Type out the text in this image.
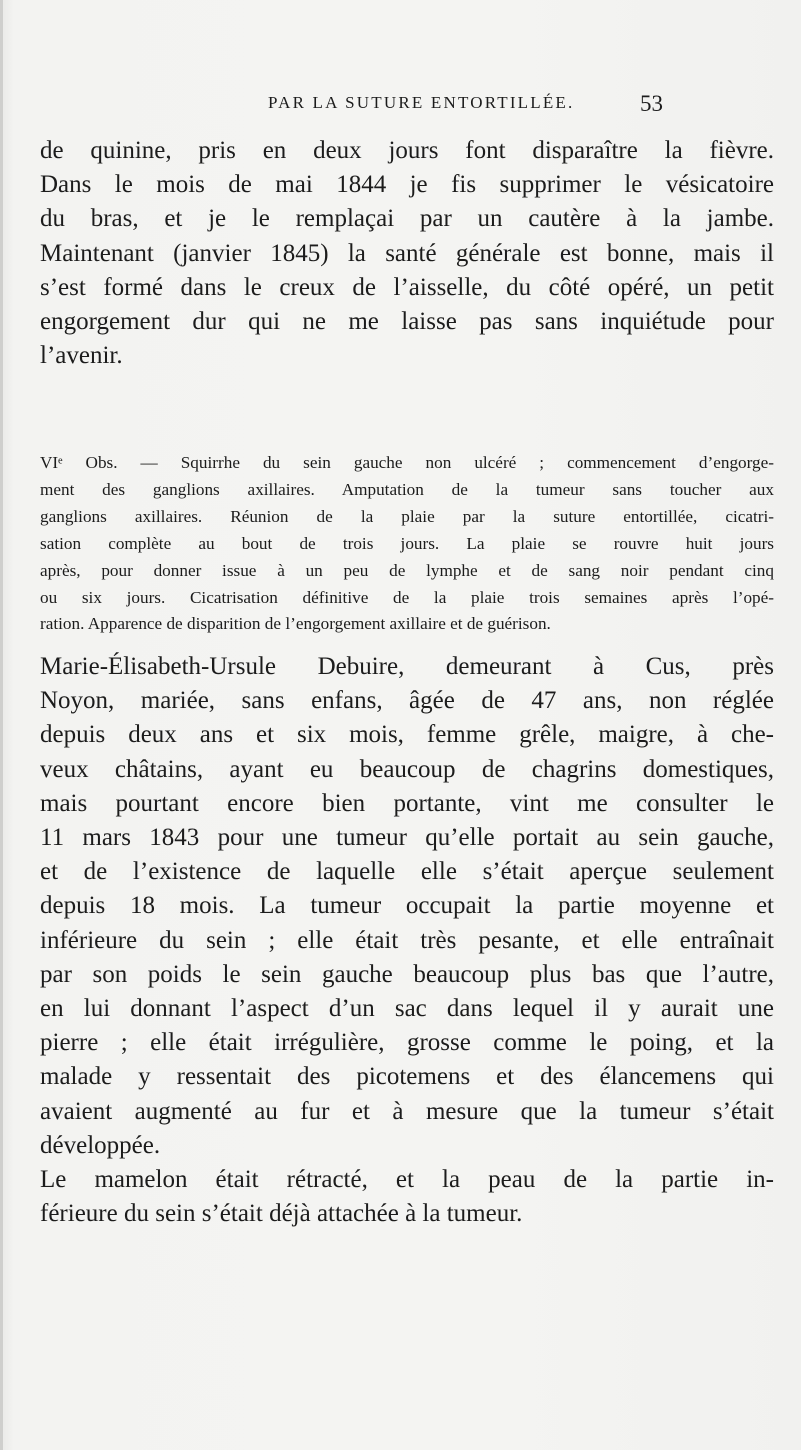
PAR LA SUTURE ENTORTILLÉE.	53
de quinine, pris en deux jours font disparaître la fièvre.
Dans le mois de mai 1844 je fis supprimer le vésicatoire
du bras, et je le remplaçai par un cautère à la jambe.
Maintenant (janvier 1845) la santé générale est bonne, mais il
s’est formé dans le creux de l’aisselle, du côté opéré, un petit
engorgement dur qui ne me laisse pas sans inquiétude pour
l’avenir.
VIᵉ Obs. — Squirrhe du sein gauche non ulcéré ; commencement d’engorge-
ment des ganglions axillaires. Amputation de la tumeur sans toucher aux
ganglions axillaires. Réunion de la plaie par la suture entortillée, cicatri-
sation complète au bout de trois jours. La plaie se rouvre huit jours
après, pour donner issue à un peu de lymphe et de sang noir pendant cinq
ou six jours. Cicatrisation définitive de la plaie trois semaines après l’opé-
ration. Apparence de disparition de l’engorgement axillaire et de guérison.
Marie-Élisabeth-Ursule Debuire, demeurant à Cus, près
Noyon, mariée, sans enfans, âgée de 47 ans, non réglée
depuis deux ans et six mois, femme grêle, maigre, à che-
veux châtains, ayant eu beaucoup de chagrins domestiques,
mais pourtant encore bien portante, vint me consulter le
11 mars 1843 pour une tumeur qu’elle portait au sein gauche,
et de l’existence de laquelle elle s’était aperçue seulement
depuis 18 mois. La tumeur occupait la partie moyenne et
inférieure du sein ; elle était très pesante, et elle entraînait
par son poids le sein gauche beaucoup plus bas que l’autre,
en lui donnant l’aspect d’un sac dans lequel il y aurait une
pierre ; elle était irrégulière, grosse comme le poing, et la
malade y ressentait des picotemens et des élancemens qui
avaient augmenté au fur et à mesure que la tumeur s’était
développée.
Le mamelon était rétracté, et la peau de la partie in-
férieure du sein s’était déjà attachée à la tumeur.
